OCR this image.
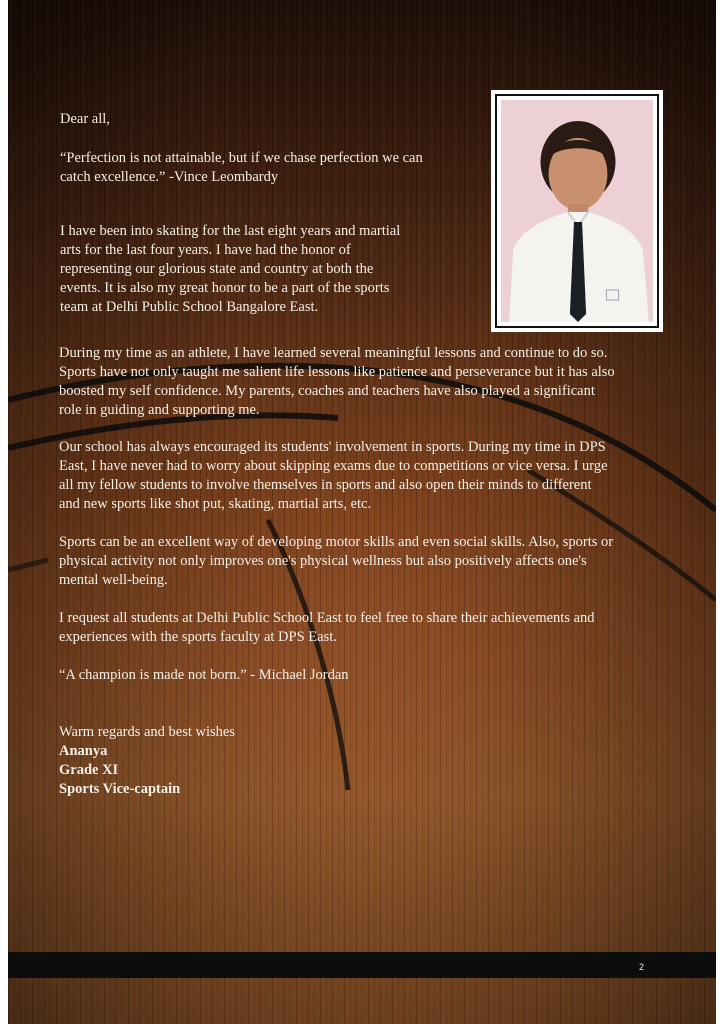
Dear all,

“Perfection is not attainable, but if we chase perfection we can

catch excellence.” -Vince Leombardy

I have been into skating for the last eight years and martial

arts for the last four years. I have had the honor of

representing our glorious state and country at both the

events. It is also my great honor to be a part of the sports

team at Delhi Public School Bangalore East.

During my time as an athlete, I have learned several meaningful lessons and continue to do so.

Sports have not only taught me salient life lessons like patience and perseverance but it has also

boosted my self confidence. My parents, coaches and teachers have also played a significant

role in guiding and supporting me.

Our school has always encouraged its students' involvement in sports. During my time in DPS

East, I have never had to worry about skipping exams due to competitions or vice versa. I urge

all my fellow students to involve themselves in sports and also open their minds to different

and new sports like shot put, skating, martial arts, etc.

Sports can be an excellent way of developing motor skills and even social skills. Also, sports or

physical activity not only improves one's physical wellness but also positively affects one's

mental well-being.

I request all students at Delhi Public School East to feel free to share their achievements and

experiences with the sports faculty at DPS East.

“A champion is made not born.” - Michael Jordan

Warm regards and best wishes

Ananya

Grade XI

Sports Vice-captain

2
